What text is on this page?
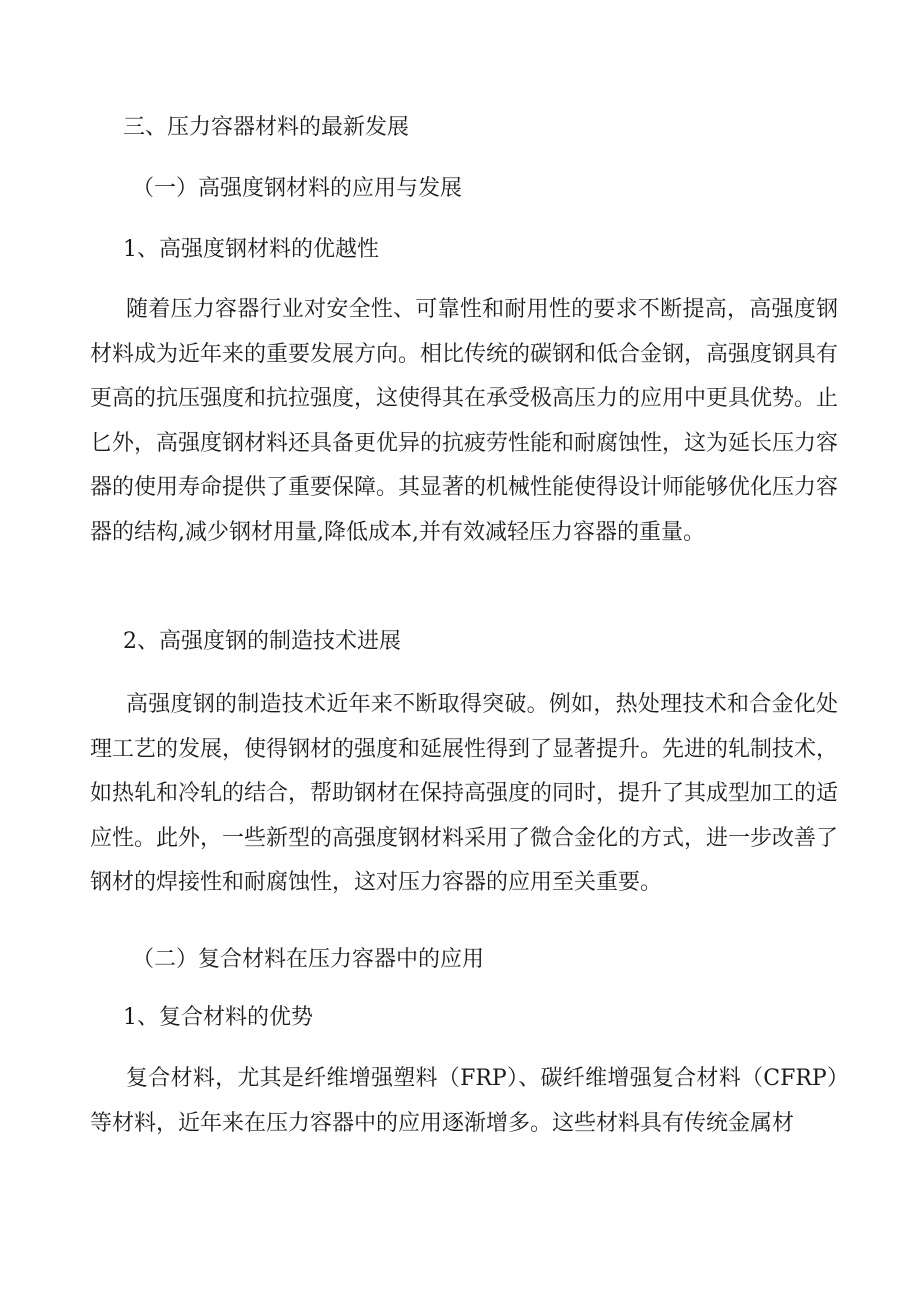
三、压力容器材料的最新发展
（一）高强度钢材料的应用与发展
1、高强度钢材料的优越性
随着压力容器行业对安全性、可靠性和耐用性的要求不断提高，高强度钢材料成为近年来的重要发展方向。相比传统的碳钢和低合金钢，高强度钢具有更高的抗压强度和抗拉强度，这使得其在承受极高压力的应用中更具优势。止匕外，高强度钢材料还具备更优异的抗疲劳性能和耐腐蚀性，这为延长压力容器的使用寿命提供了重要保障。其显著的机械性能使得设计师能够优化压力容器的结构,减少钢材用量,降低成本,并有效减轻压力容器的重量。
2、高强度钢的制造技术进展
高强度钢的制造技术近年来不断取得突破。例如，热处理技术和合金化处理工艺的发展，使得钢材的强度和延展性得到了显著提升。先进的轧制技术，如热轧和冷轧的结合，帮助钢材在保持高强度的同时，提升了其成型加工的适应性。此外，一些新型的高强度钢材料采用了微合金化的方式，进一步改善了钢材的焊接性和耐腐蚀性，这对压力容器的应用至关重要。
（二）复合材料在压力容器中的应用
1、复合材料的优势
复合材料，尤其是纤维增强塑料（FRP）、碳纤维增强复合材料（CFRP）等材料，近年来在压力容器中的应用逐渐增多。这些材料具有传统金属材
